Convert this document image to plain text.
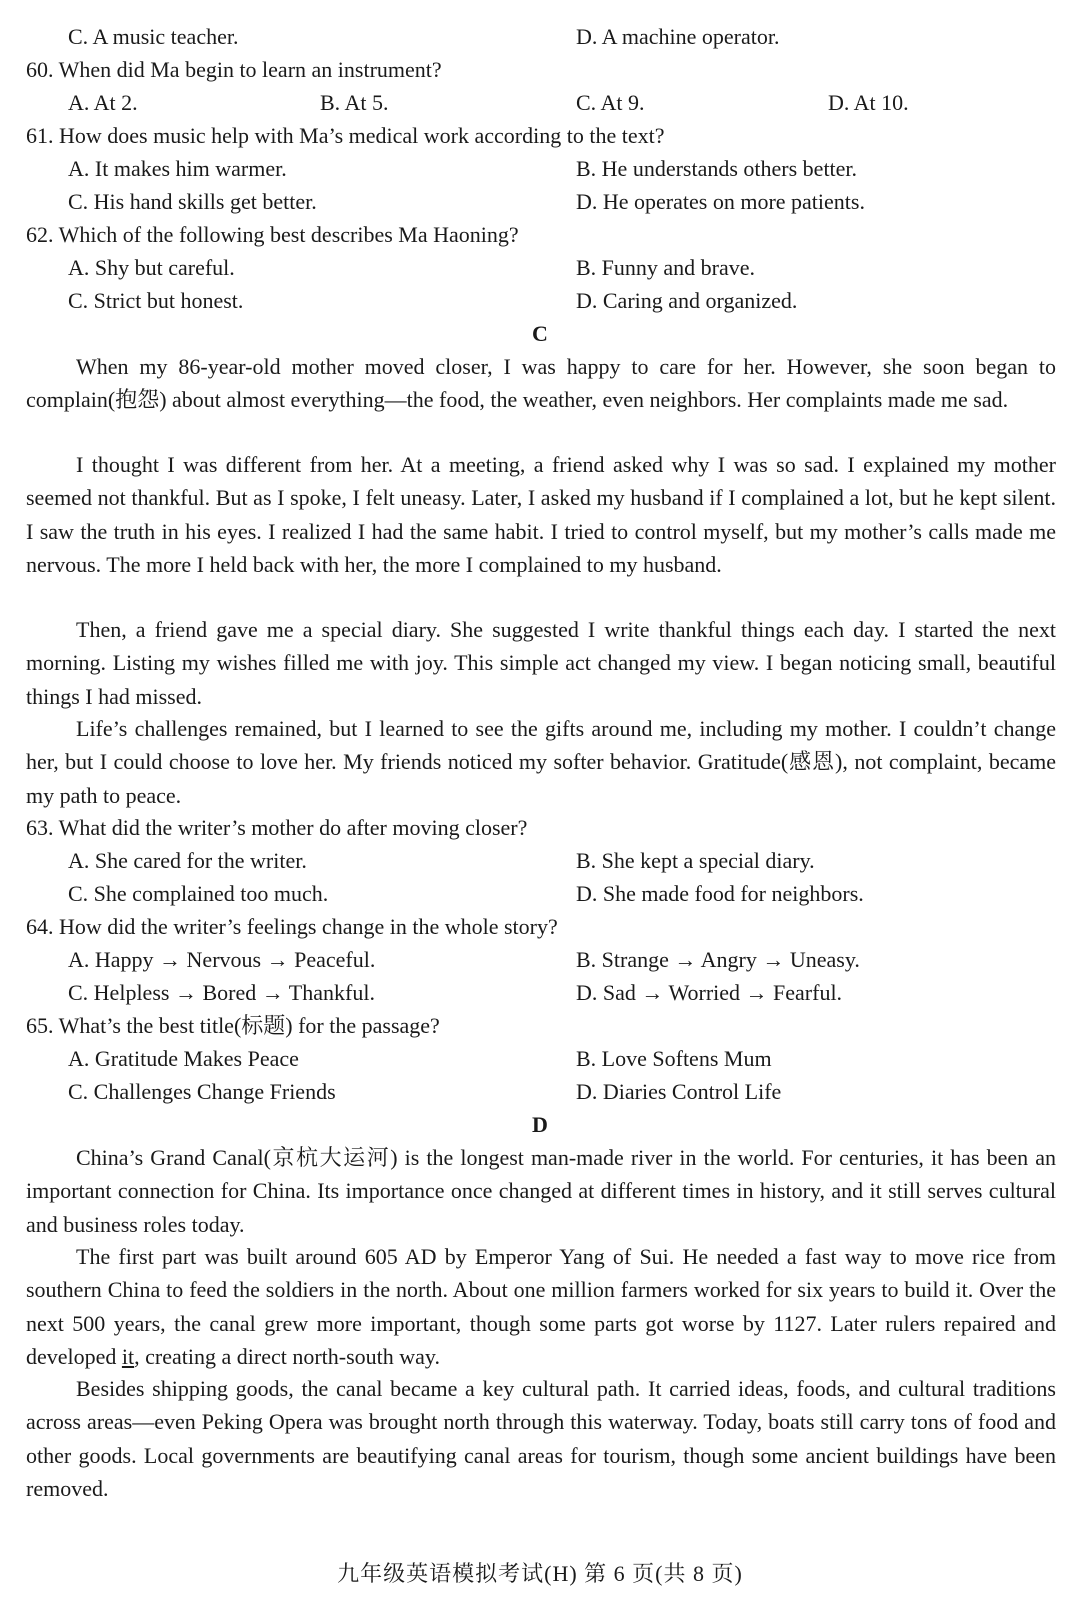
C. A music teacher.	D. A machine operator.
60. When did Ma begin to learn an instrument?
A. At 2.	B. At 5.	C. At 9.	D. At 10.
61. How does music help with Ma’s medical work according to the text?
A. It makes him warmer.	B. He understands others better.
C. His hand skills get better.	D. He operates on more patients.
62. Which of the following best describes Ma Haoning?
A. Shy but careful.	B. Funny and brave.
C. Strict but honest.	D. Caring and organized.
C

When my 86-year-old mother moved closer, I was happy to care for her. However, she soon began to complain(抱怨) about almost everything—the food, the weather, even neighbors. Her complaints made me sad.

I thought I was different from her. At a meeting, a friend asked why I was so sad. I explained my mother seemed not thankful. But as I spoke, I felt uneasy. Later, I asked my husband if I complained a lot, but he kept silent. I saw the truth in his eyes. I realized I had the same habit. I tried to control myself, but my mother’s calls made me nervous. The more I held back with her, the more I complained to my husband.

Then, a friend gave me a special diary. She suggested I write thankful things each day. I started the next morning. Listing my wishes filled me with joy. This simple act changed my view. I began noticing small, beautiful things I had missed.

Life’s challenges remained, but I learned to see the gifts around me, including my mother. I couldn’t change her, but I could choose to love her. My friends noticed my softer behavior. Gratitude(感恩), not complaint, became my path to peace.

63. What did the writer’s mother do after moving closer?
A. She cared for the writer.	B. She kept a special diary.
C. She complained too much.	D. She made food for neighbors.
64. How did the writer’s feelings change in the whole story?
A. Happy → Nervous → Peaceful.	B. Strange → Angry → Uneasy.
C. Helpless → Bored → Thankful.	D. Sad → Worried → Fearful.
65. What’s the best title(标题) for the passage?
A. Gratitude Makes Peace	B. Love Softens Mum
C. Challenges Change Friends	D. Diaries Control Life
D

China’s Grand Canal(京杭大运河) is the longest man-made river in the world. For centuries, it has been an important connection for China. Its importance once changed at different times in history, and it still serves cultural and business roles today.

The first part was built around 605 AD by Emperor Yang of Sui. He needed a fast way to move rice from southern China to feed the soldiers in the north. About one million farmers worked for six years to build it. Over the next 500 years, the canal grew more important, though some parts got worse by 1127. Later rulers repaired and developed it, creating a direct north-south way.

Besides shipping goods, the canal became a key cultural path. It carried ideas, foods, and cultural traditions across areas—even Peking Opera was brought north through this waterway. Today, boats still carry tons of food and other goods. Local governments are beautifying canal areas for tourism, though some ancient buildings have been removed.

九年级英语模拟考试(H) 第 6 页(共 8 页)
